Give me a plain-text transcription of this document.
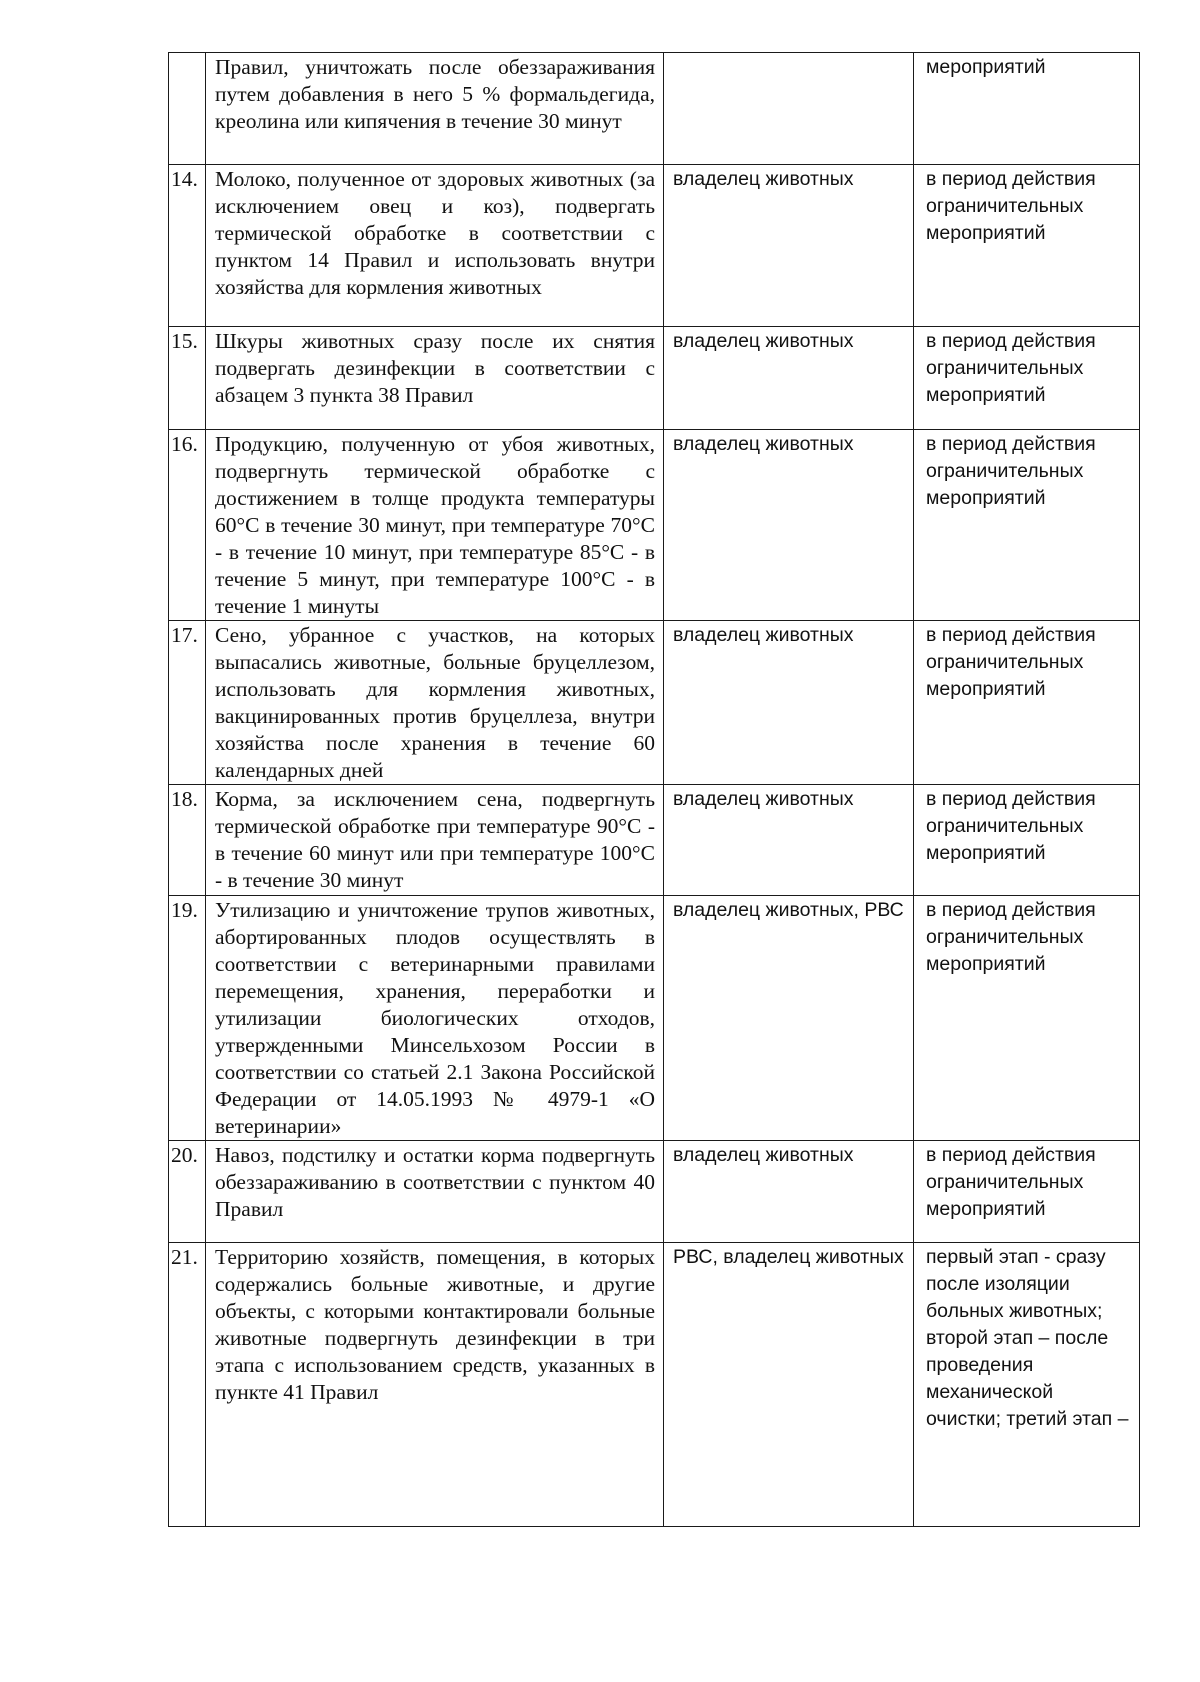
	Правил, уничтожать после обеззараживания путем добавления в него 5 % формальдегида, креолина или кипячения в течение 30 минут		мероприятий
14.	Молоко, полученное от здоровых животных (за исключением овец и коз), подвергать термической обработке в соответствии с пунктом 14 Правил и использовать внутри хозяйства для кормления животных	владелец животных	в период действия ограничительных мероприятий
15.	Шкуры животных сразу после их снятия подвергать дезинфекции в соответствии с абзацем 3 пункта 38 Правил	владелец животных	в период действия ограничительных мероприятий
16.	Продукцию, полученную от убоя животных, подвергнуть термической обработке с достижением в толще продукта температуры 60°С в течение 30 минут, при температуре 70°С - в течение 10 минут, при температуре 85°С - в течение 5 минут, при температуре 100°С - в течение 1 минуты	владелец животных	в период действия ограничительных мероприятий
17.	Сено, убранное с участков, на которых выпасались животные, больные бруцеллезом, использовать для кормления животных, вакцинированных против бруцеллеза, внутри хозяйства после хранения в течение 60 календарных дней	владелец животных	в период действия ограничительных мероприятий
18.	Корма, за исключением сена, подвергнуть термической обработке при температуре 90°С - в течение 60 минут или при температуре 100°С - в течение 30 минут	владелец животных	в период действия ограничительных мероприятий
19.	Утилизацию и уничтожение трупов животных, абортированных плодов осуществлять в соответствии с ветеринарными правилами перемещения, хранения, переработки и утилизации биологических отходов, утвержденными Минсельхозом России в соответствии со статьей 2.1 Закона Российской Федерации от 14.05.1993 № 4979-1 «О ветеринарии»	владелец животных, РВС	в период действия ограничительных мероприятий
20.	Навоз, подстилку и остатки корма подвергнуть обеззараживанию в соответствии с пунктом 40 Правил	владелец животных	в период действия ограничительных мероприятий
21.	Территорию хозяйств, помещения, в которых содержались больные животные, и другие объекты, с которыми контактировали больные животные подвергнуть дезинфекции в три этапа с использованием средств, указанных в пункте 41 Правил	РВС, владелец животных	первый этап - сразу после изоляции больных животных; второй этап – после проведения механической очистки; третий этап –
